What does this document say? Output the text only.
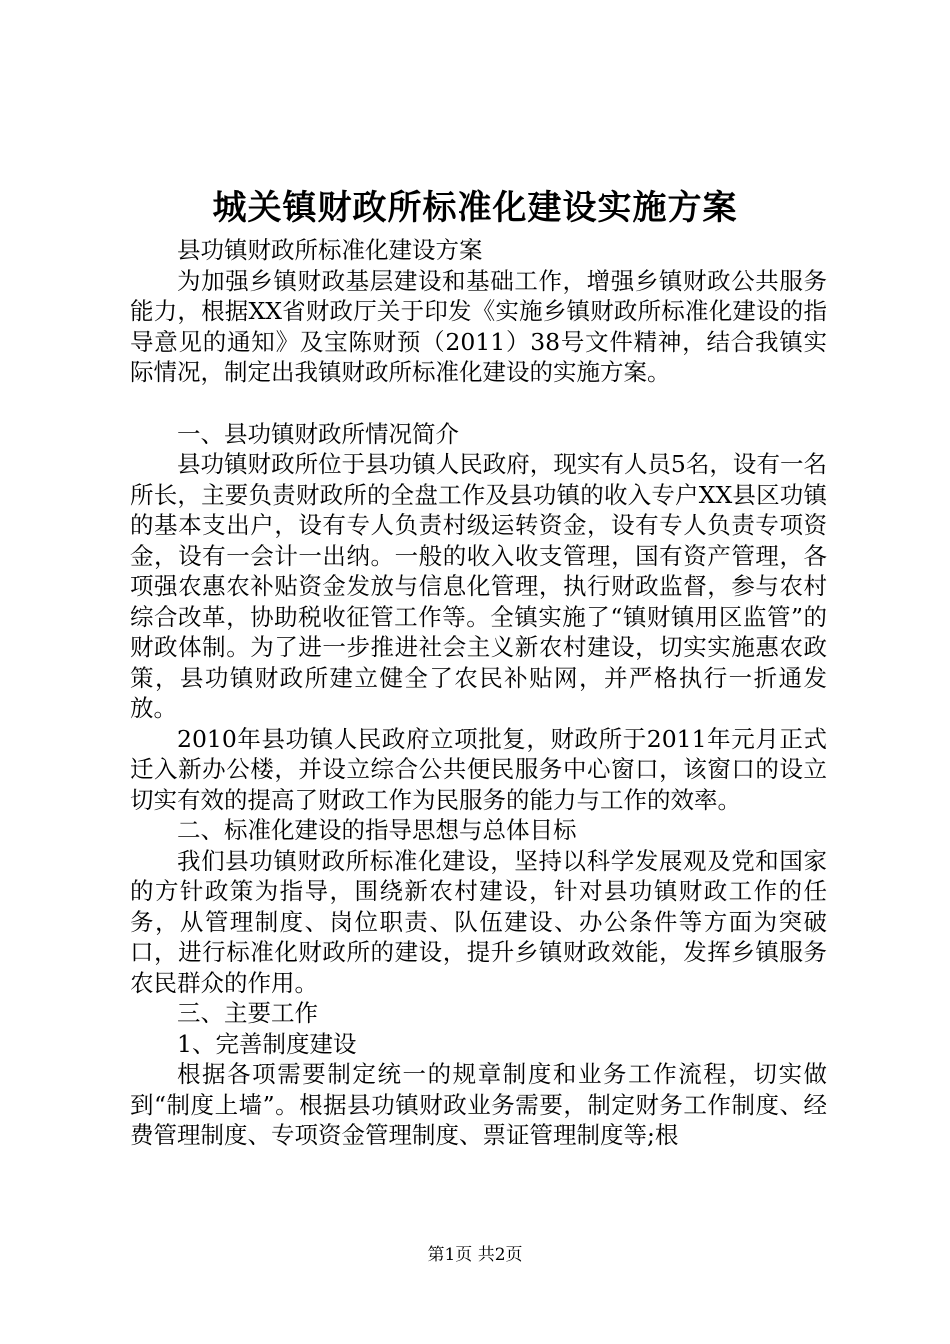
城关镇财政所标准化建设实施方案

县功镇财政所标准化建设方案

为加强乡镇财政基层建设和基础工作，增强乡镇财政公共服务能力，根据XX省财政厅关于印发《实施乡镇财政所标准化建设的指导意见的通知》及宝陈财预（2011）38号文件精神，结合我镇实际情况，制定出我镇财政所标准化建设的实施方案。

一、县功镇财政所情况简介

县功镇财政所位于县功镇人民政府，现实有人员5名，设有一名所长，主要负责财政所的全盘工作及县功镇的收入专户XX县区功镇的基本支出户，设有专人负责村级运转资金，设有专人负责专项资金，设有一会计一出纳。一般的收入收支管理，国有资产管理，各项强农惠农补贴资金发放与信息化管理，执行财政监督，参与农村综合改革，协助税收征管工作等。全镇实施了“镇财镇用区监管”的财政体制。为了进一步推进社会主义新农村建设，切实实施惠农政策，县功镇财政所建立健全了农民补贴网，并严格执行一折通发放。

2010年县功镇人民政府立项批复，财政所于2011年元月正式迁入新办公楼，并设立综合公共便民服务中心窗口，该窗口的设立切实有效的提高了财政工作为民服务的能力与工作的效率。

二、标准化建设的指导思想与总体目标

我们县功镇财政所标准化建设，坚持以科学发展观及党和国家的方针政策为指导，围绕新农村建设，针对县功镇财政工作的任务，从管理制度、岗位职责、队伍建设、办公条件等方面为突破口，进行标准化财政所的建设，提升乡镇财政效能，发挥乡镇服务农民群众的作用。

三、主要工作

1、完善制度建设

根据各项需要制定统一的规章制度和业务工作流程，切实做到“制度上墙”。根据县功镇财政业务需要，制定财务工作制度、经费管理制度、专项资金管理制度、票证管理制度等;根

第1页 共2页
